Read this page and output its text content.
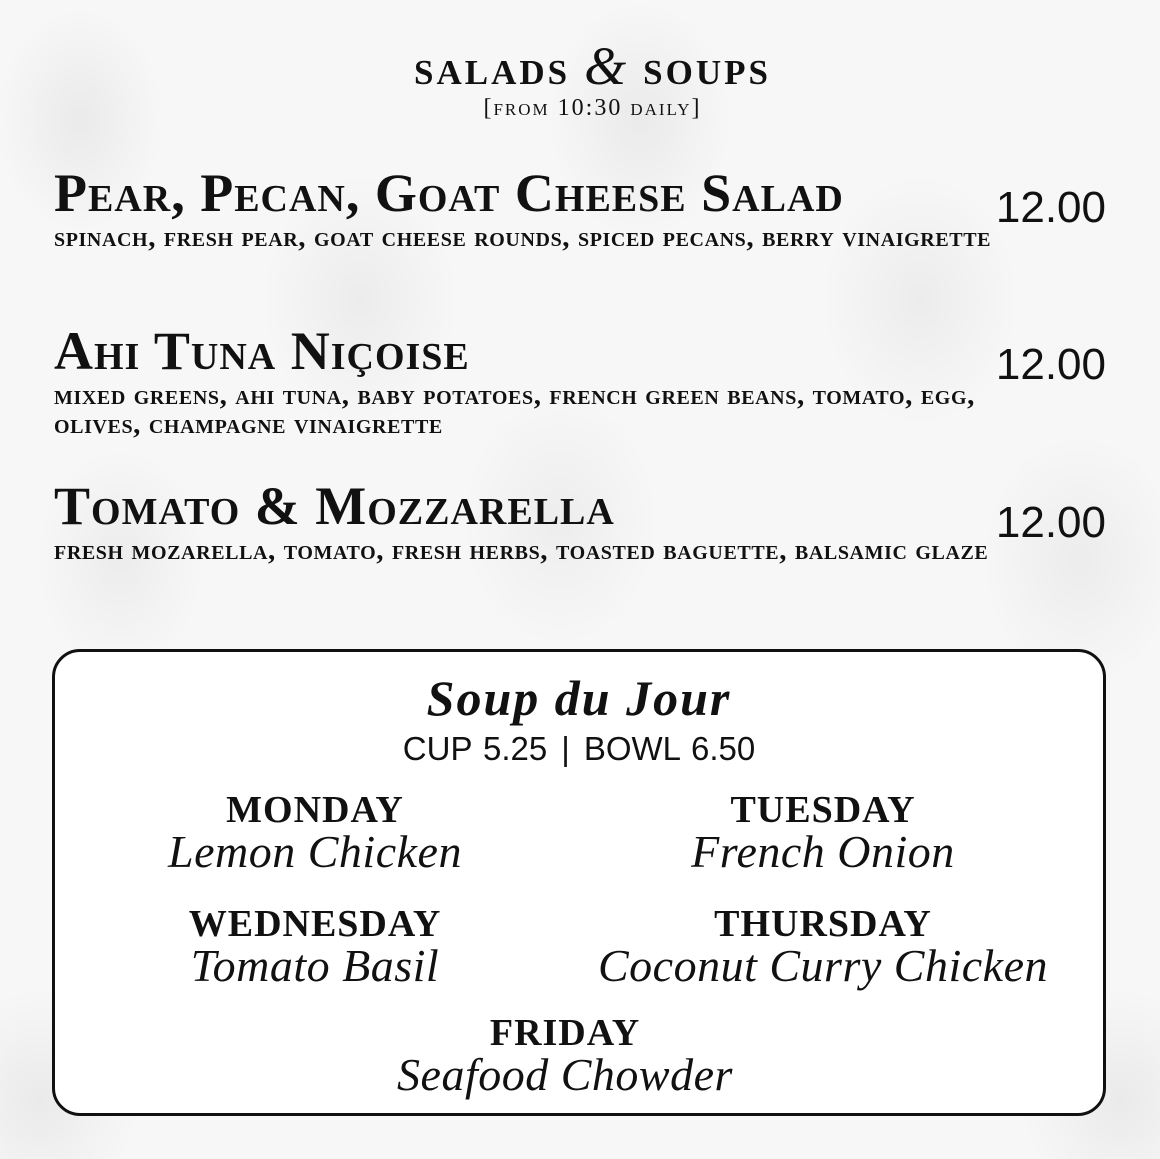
salads & soups
[from 10:30 daily]
Pear, Pecan, Goat Cheese Salad
spinach, fresh pear, goat cheese rounds, spiced pecans, berry vinaigrette
12.00
Ahi Tuna Niçoise
mixed greens, ahi tuna, baby potatoes, french green beans, tomato, egg, olives, champagne vinaigrette
12.00
Tomato & Mozzarella
fresh mozarella, tomato, fresh herbs, toasted baguette, balsamic glaze
12.00
Soup du Jour
CUP 5.25 | BOWL 6.50
MONDAY
Lemon Chicken
TUESDAY
French Onion
WEDNESDAY
Tomato Basil
THURSDAY
Coconut Curry Chicken
FRIDAY
Seafood Chowder
